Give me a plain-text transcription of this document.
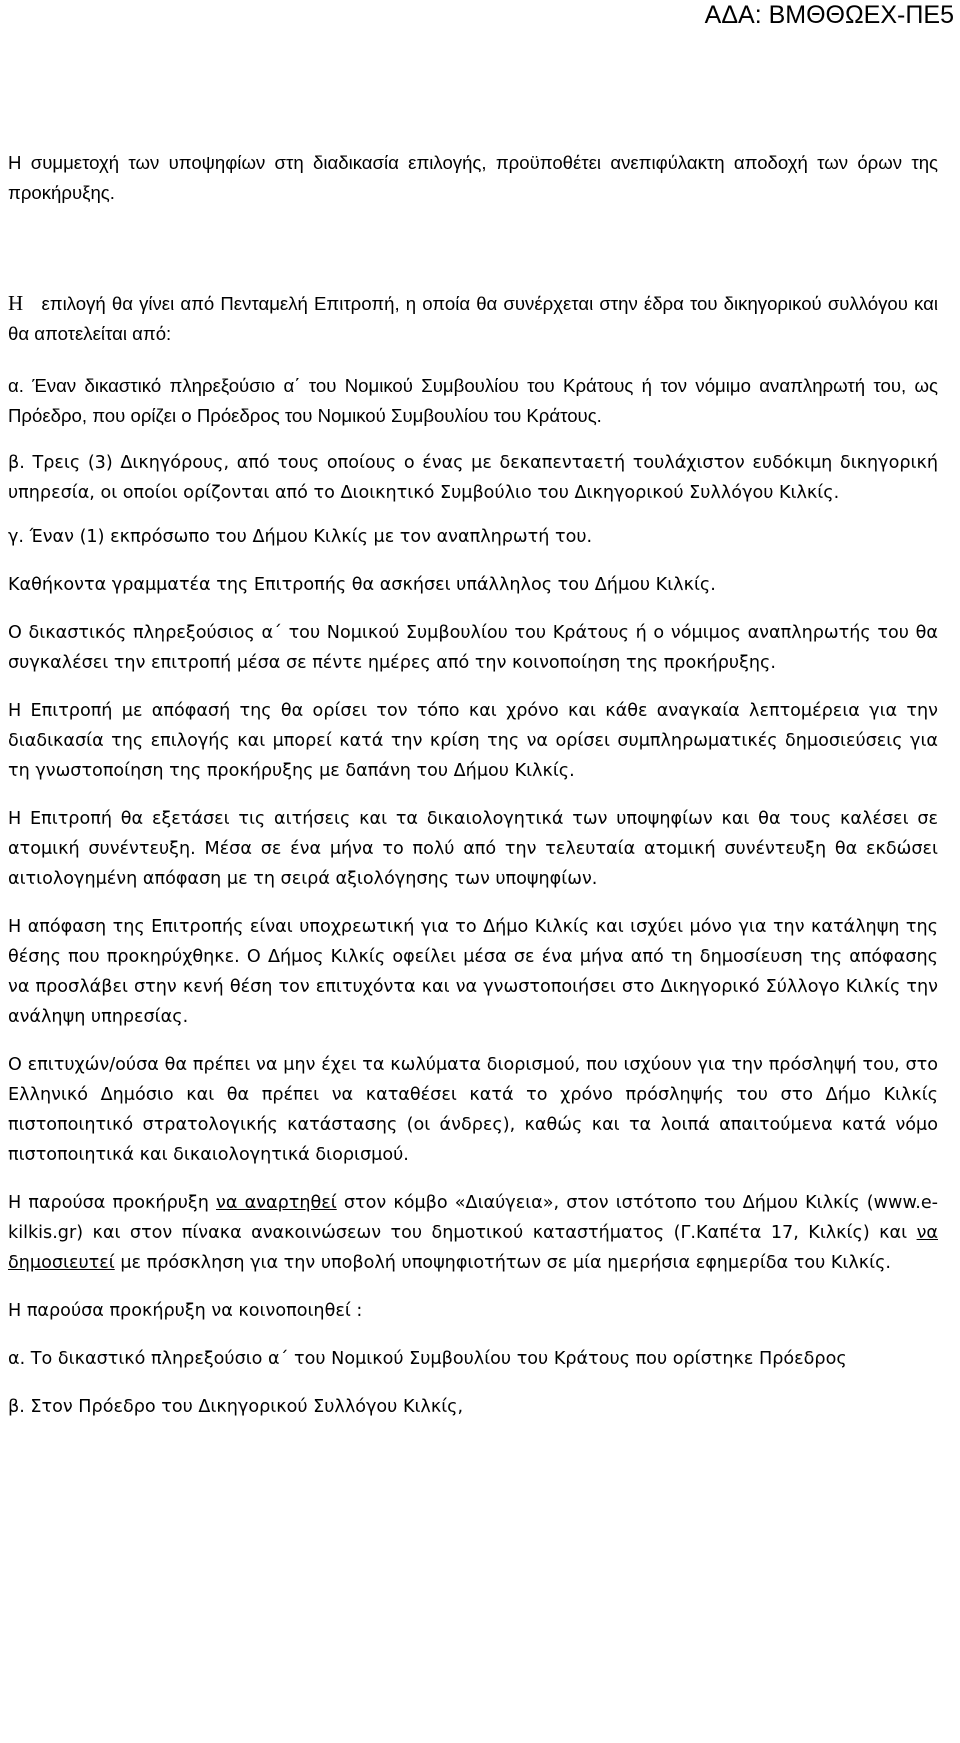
ΑΔΑ: ΒΜΘΘΩΕΧ-ΠΕ5

Η συμμετοχή των υποψηφίων στη διαδικασία επιλογής, προϋποθέτει ανεπιφύλακτη αποδοχή των όρων της προκήρυξης.

Η επιλογή θα γίνει από Πενταμελή Επιτροπή, η οποία θα συνέρχεται στην έδρα του δικηγορικού συλλόγου και θα αποτελείται από:

α. Έναν δικαστικό πληρεξούσιο α΄ του Νομικού Συμβουλίου του Κράτους ή τον νόμιμο αναπληρωτή του, ως Πρόεδρο, που ορίζει ο Πρόεδρος του Νομικού Συμβουλίου του Κράτους.

β. Τρεις (3) Δικηγόρους, από τους οποίους ο ένας με δεκαπενταετή τουλάχιστον ευδόκιμη δικηγορική υπηρεσία, οι οποίοι ορίζονται από το Διοικητικό Συμβούλιο του Δικηγορικού Συλλόγου Κιλκίς.

γ. Έναν (1) εκπρόσωπο του Δήμου Κιλκίς με τον αναπληρωτή του.

Καθήκοντα γραμματέα της Επιτροπής θα ασκήσει υπάλληλος του Δήμου Κιλκίς.

Ο δικαστικός πληρεξούσιος α΄ του Νομικού Συμβουλίου του Κράτους ή ο νόμιμος αναπληρωτής του θα συγκαλέσει την επιτροπή μέσα σε πέντε ημέρες από την κοινοποίηση της προκήρυξης.

Η Επιτροπή με απόφασή της θα ορίσει τον τόπο και χρόνο και κάθε αναγκαία λεπτομέρεια για την διαδικασία της επιλογής και μπορεί κατά την κρίση της να ορίσει συμπληρωματικές δημοσιεύσεις για τη γνωστοποίηση της προκήρυξης με δαπάνη του Δήμου Κιλκίς.

Η Επιτροπή θα εξετάσει τις αιτήσεις και τα δικαιολογητικά των υποψηφίων και θα τους καλέσει σε ατομική συνέντευξη. Μέσα σε ένα μήνα το πολύ από την τελευταία ατομική συνέντευξη θα εκδώσει αιτιολογημένη απόφαση με τη σειρά αξιολόγησης των υποψηφίων.

Η απόφαση της Επιτροπής είναι υποχρεωτική για το Δήμο Κιλκίς και ισχύει μόνο για την κατάληψη της θέσης που προκηρύχθηκε. Ο Δήμος Κιλκίς οφείλει μέσα σε ένα μήνα από τη δημοσίευση της απόφασης να προσλάβει στην κενή θέση τον επιτυχόντα και να γνωστοποιήσει στο Δικηγορικό Σύλλογο Κιλκίς την ανάληψη υπηρεσίας.

Ο επιτυχών/ούσα θα πρέπει να μην έχει τα κωλύματα διορισμού, που ισχύουν για την πρόσληψή του, στο Ελληνικό Δημόσιο και θα πρέπει να καταθέσει κατά το χρόνο πρόσληψής του στο Δήμο Κιλκίς πιστοποιητικό στρατολογικής κατάστασης (οι άνδρες), καθώς και τα λοιπά απαιτούμενα κατά νόμο πιστοποιητικά και δικαιολογητικά διορισμού.

Η παρούσα προκήρυξη να αναρτηθεί στον κόμβο «Διαύγεια», στον ιστότοπο του Δήμου Κιλκίς (www.e-kilkis.gr) και στον πίνακα ανακοινώσεων του δημοτικού καταστήματος (Γ.Καπέτα 17, Κιλκίς) και να δημοσιευτεί με πρόσκληση για την υποβολή υποψηφιοτήτων σε μία ημερήσια εφημερίδα του Κιλκίς.

Η παρούσα προκήρυξη να κοινοποιηθεί :

α. Το δικαστικό πληρεξούσιο α΄ του Νομικού Συμβουλίου του Κράτους που ορίστηκε Πρόεδρος

β. Στον Πρόεδρο του Δικηγορικού Συλλόγου Κιλκίς,
